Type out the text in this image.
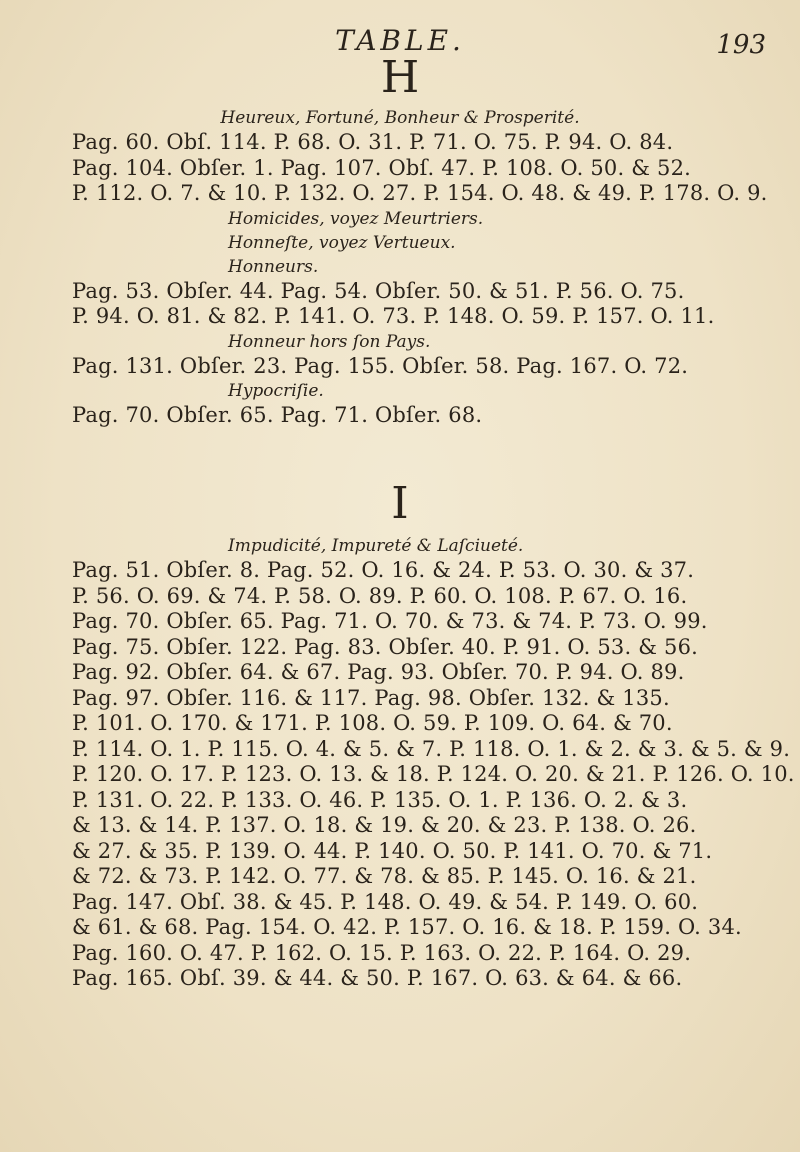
TABLE.	193
H
Heureux, Fortuné, Bonheur & Prosperité.
Pag. 60. Obſ. 114. P. 68. O. 31. P. 71. O. 75. P. 94. O. 84.
Pag. 104. Obſer. 1. Pag. 107. Obſ. 47. P. 108. O. 50. & 52.
P. 112. O. 7. & 10. P. 132. O. 27. P. 154. O. 48. & 49. P. 178. O. 9.
Homicides, voyez Meurtriers.
Honneſte, voyez Vertueux.
Honneurs.
Pag. 53. Obſer. 44. Pag. 54. Obſer. 50. & 51. P. 56. O. 75.
P. 94. O. 81. & 82. P. 141. O. 73. P. 148. O. 59. P. 157. O. 11.
Honneur hors ſon Pays.
Pag. 131. Obſer. 23. Pag. 155. Obſer. 58. Pag. 167. O. 72.
Hypocriſie.
Pag. 70. Obſer. 65. Pag. 71. Obſer. 68.
I
Impudicité, Impureté & Laſciueté.
Pag. 51. Obſer. 8. Pag. 52. O. 16. & 24. P. 53. O. 30. & 37.
P. 56. O. 69. & 74. P. 58. O. 89. P. 60. O. 108. P. 67. O. 16.
Pag. 70. Obſer. 65. Pag. 71. O. 70. & 73. & 74. P. 73. O. 99.
Pag. 75. Obſer. 122. Pag. 83. Obſer. 40. P. 91. O. 53. & 56.
Pag. 92. Obſer. 64. & 67. Pag. 93. Obſer. 70. P. 94. O. 89.
Pag. 97. Obſer. 116. & 117. Pag. 98. Obſer. 132. & 135.
P. 101. O. 170. & 171. P. 108. O. 59. P. 109. O. 64. & 70.
P. 114. O. 1. P. 115. O. 4. & 5. & 7. P. 118. O. 1. & 2. & 3. & 5. & 9.
P. 120. O. 17. P. 123. O. 13. & 18. P. 124. O. 20. & 21. P. 126. O. 10.
P. 131. O. 22. P. 133. O. 46. P. 135. O. 1. P. 136. O. 2. & 3.
& 13. & 14. P. 137. O. 18. & 19. & 20. & 23. P. 138. O. 26.
& 27. & 35. P. 139. O. 44. P. 140. O. 50. P. 141. O. 70. & 71.
& 72. & 73. P. 142. O. 77. & 78. & 85. P. 145. O. 16. & 21.
Pag. 147. Obſ. 38. & 45. P. 148. O. 49. & 54. P. 149. O. 60.
& 61. & 68. Pag. 154. O. 42. P. 157. O. 16. & 18. P. 159. O. 34.
Pag. 160. O. 47. P. 162. O. 15. P. 163. O. 22. P. 164. O. 29.
Pag. 165. Obſ. 39. & 44. & 50. P. 167. O. 63. & 64. & 66.
